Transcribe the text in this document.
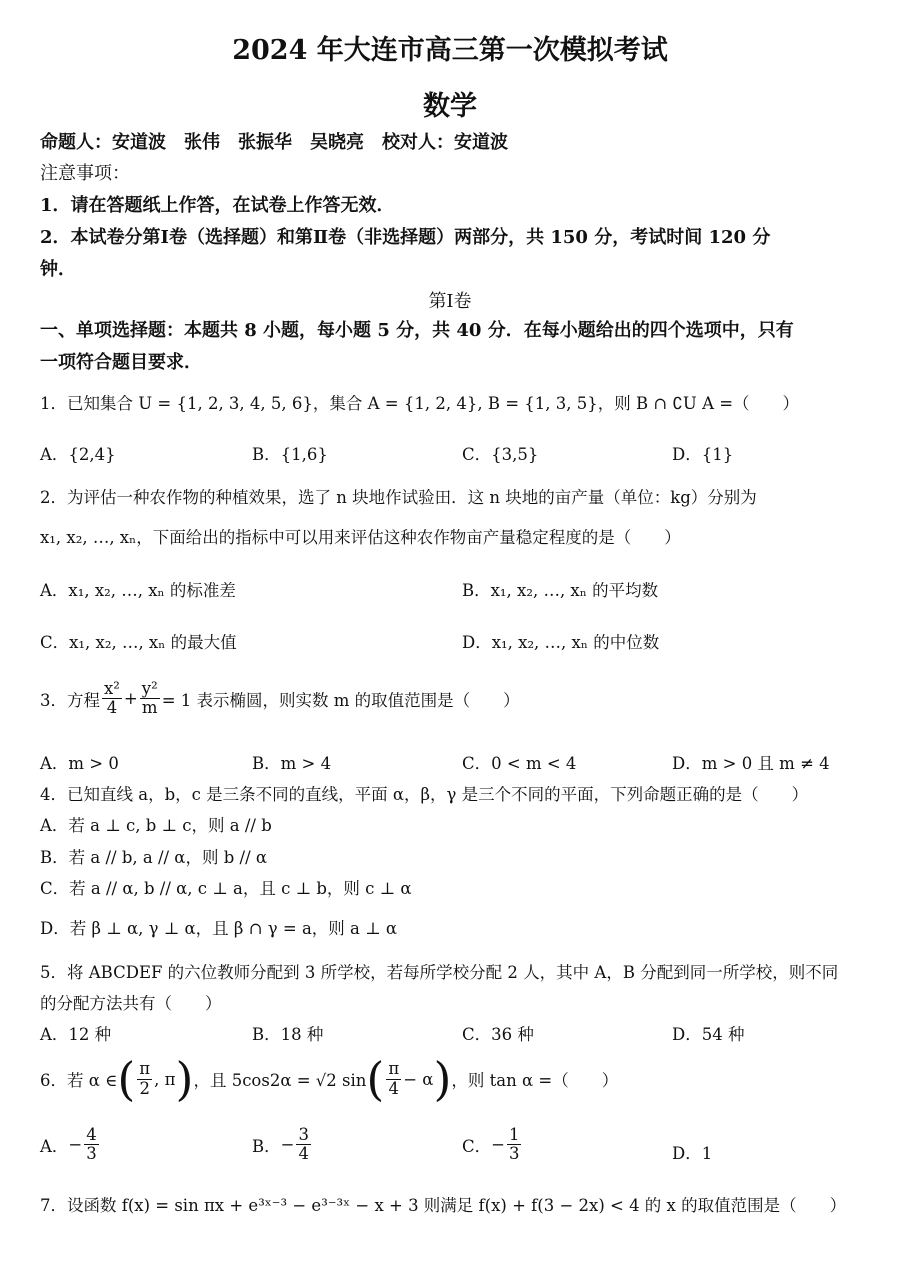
2024 年大连市高三第一次模拟考试
数学
命题人：安道波　张伟　张振华　吴晓亮　校对人：安道波
注意事项：
1．请在答题纸上作答，在试卷上作答无效．
2．本试卷分第Ⅰ卷（选择题）和第Ⅱ卷（非选择题）两部分，共 150 分，考试时间 120 分
钟．
第Ⅰ卷
一、单项选择题：本题共 8 小题，每小题 5 分，共 40 分．在每小题给出的四个选项中，只有
一项符合题目要求．
1．已知集合 U = {1, 2, 3, 4, 5, 6}，集合 A = {1, 2, 4}, B = {1, 3, 5}，则 B ∩ ∁U A =（　　）
A．{2,4}	B．{1,6}	C．{3,5}	D．{1}
2．为评估一种农作物的种植效果，选了 n 块地作试验田．这 n 块地的亩产量（单位：kg）分别为
x₁, x₂, …, xₙ，下面给出的指标中可以用来评估这种农作物亩产量稳定程度的是（　　）
A．x₁, x₂, …, xₙ 的标准差	B．x₁, x₂, …, xₙ 的平均数
C．x₁, x₂, …, xₙ 的最大值	D．x₁, x₂, …, xₙ 的中位数
3．方程 $\frac{\text{x²}}{4} + \frac{\text{y²}}{m} = 1$ 表示椭圆，则实数 m 的取值范围是（　　）
A．m > 0	B．m > 4	C．0 < m < 4	D．m > 0 且 m ≠ 4
4．已知直线 a，b，c 是三条不同的直线，平面 α，β，γ 是三个不同的平面，下列命题正确的是（　　）
A．若 a ⊥ c, b ⊥ c，则 a // b
B．若 a // b, a // α，则 b // α
C．若 a // α, b // α, c ⊥ a，且 c ⊥ b，则 c ⊥ α
D．若 β ⊥ α, γ ⊥ α，且 β ∩ γ = a，则 a ⊥ α
5．将 ABCDEF 的六位教师分配到 3 所学校，若每所学校分配 2 人，其中 A，B 分配到同一所学校，则不同
的分配方法共有（　　）
A．12 种	B．18 种	C．36 种	D．54 种
6．若 α ∈ ( $\frac{\pi}{2}$ , π ) ，且 5cos2α = √2 sin ( $\frac{\pi}{4} - \alpha$ ) ，则 tan α =（　　）
A． − $\frac{4}{3}$	B． − $\frac{3}{4}$	C． − $\frac{1}{3}$	D．1
7．设函数 f(x) = sin πx + e³ˣ⁻³ − e³⁻³ˣ − x + 3 则满足 f(x) + f(3 − 2x) < 4 的 x 的取值范围是（　　）
